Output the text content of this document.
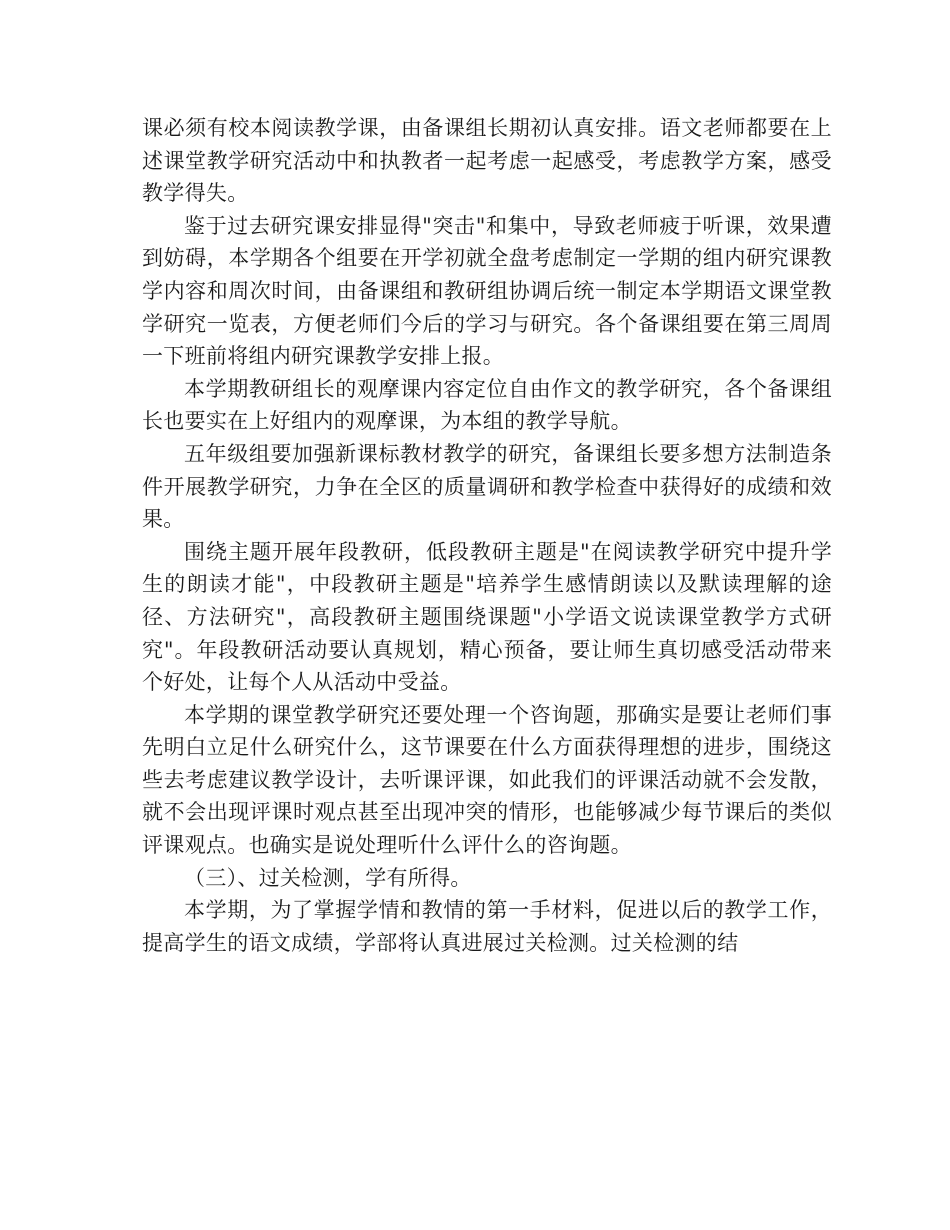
课必须有校本阅读教学课，由备课组长期初认真安排。语文老师都要在上述课堂教学研究活动中和执教者一起考虑一起感受，考虑教学方案，感受教学得失。

鉴于过去研究课安排显得"突击"和集中，导致老师疲于听课，效果遭到妨碍，本学期各个组要在开学初就全盘考虑制定一学期的组内研究课教学内容和周次时间，由备课组和教研组协调后统一制定本学期语文课堂教学研究一览表，方便老师们今后的学习与研究。各个备课组要在第三周周一下班前将组内研究课教学安排上报。

本学期教研组长的观摩课内容定位自由作文的教学研究，各个备课组长也要实在上好组内的观摩课，为本组的教学导航。

五年级组要加强新课标教材教学的研究，备课组长要多想方法制造条件开展教学研究，力争在全区的质量调研和教学检查中获得好的成绩和效果。

围绕主题开展年段教研，低段教研主题是"在阅读教学研究中提升学生的朗读才能"，中段教研主题是"培养学生感情朗读以及默读理解的途径、方法研究"，高段教研主题围绕课题"小学语文说读课堂教学方式研究"。年段教研活动要认真规划，精心预备，要让师生真切感受活动带来个好处，让每个人从活动中受益。

本学期的课堂教学研究还要处理一个咨询题，那确实是要让老师们事先明白立足什么研究什么，这节课要在什么方面获得理想的进步，围绕这些去考虑建议教学设计，去听课评课，如此我们的评课活动就不会发散，就不会出现评课时观点甚至出现冲突的情形，也能够减少每节课后的类似评课观点。也确实是说处理听什么评什么的咨询题。

（三）、过关检测，学有所得。

本学期，为了掌握学情和教情的第一手材料，促进以后的教学工作，提高学生的语文成绩，学部将认真进展过关检测。过关检测的结
